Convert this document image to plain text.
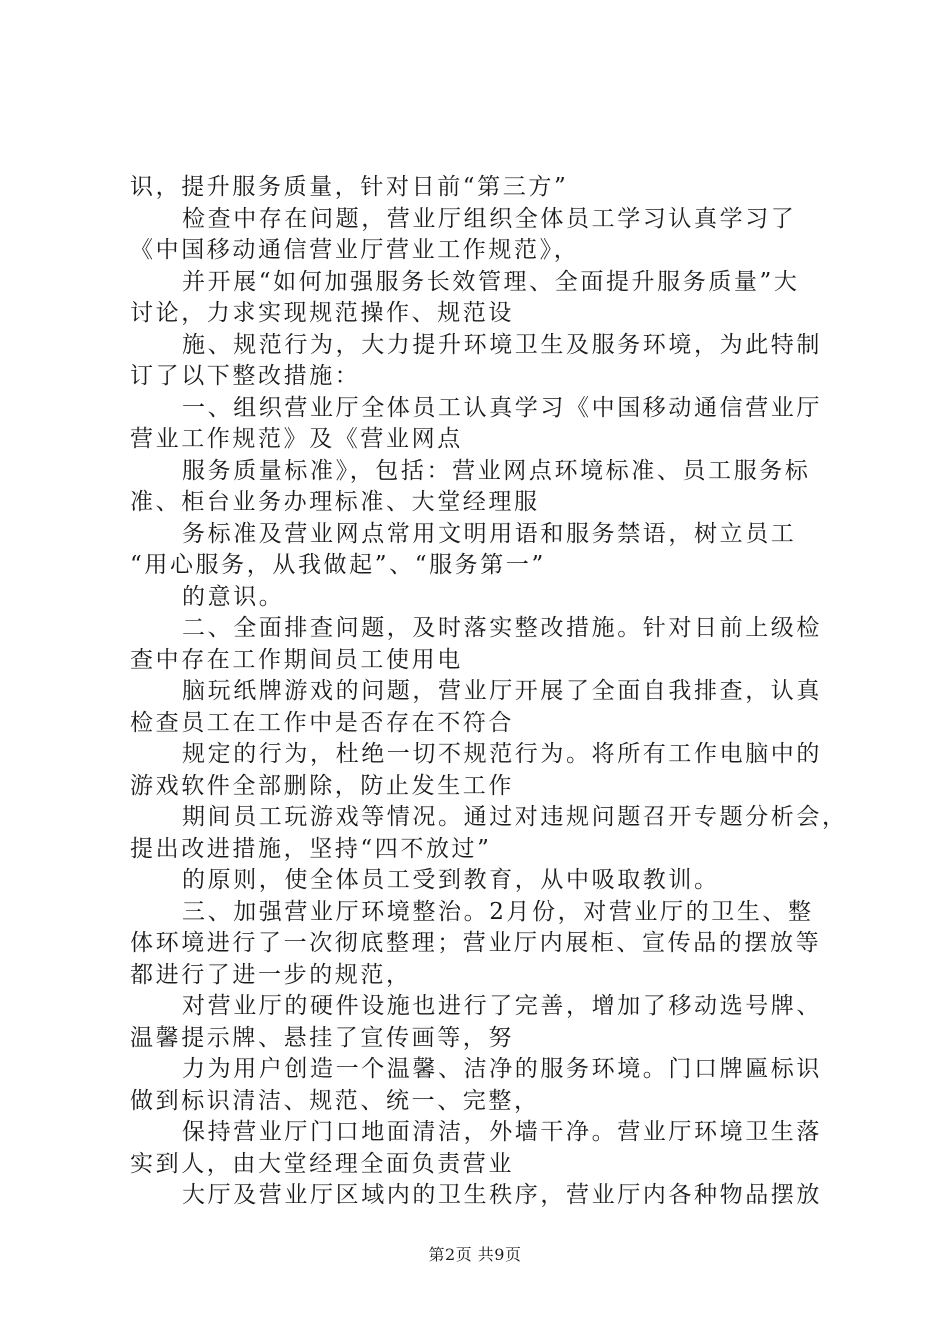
识，提升服务质量，针对日前“第三方”
检查中存在问题，营业厅组织全体员工学习认真学习了
《中国移动通信营业厅营业工作规范》，
并开展“如何加强服务长效管理、全面提升服务质量”大
讨论，力求实现规范操作、规范设
施、规范行为，大力提升环境卫生及服务环境，为此特制
订了以下整改措施：
一、组织营业厅全体员工认真学习《中国移动通信营业厅
营业工作规范》及《营业网点
服务质量标准》，包括：营业网点环境标准、员工服务标
准、柜台业务办理标准、大堂经理服
务标准及营业网点常用文明用语和服务禁语，树立员工
“用心服务，从我做起”、“服务第一”
的意识。
二、全面排查问题，及时落实整改措施。针对日前上级检
查中存在工作期间员工使用电
脑玩纸牌游戏的问题，营业厅开展了全面自我排查，认真
检查员工在工作中是否存在不符合
规定的行为，杜绝一切不规范行为。将所有工作电脑中的
游戏软件全部删除，防止发生工作
期间员工玩游戏等情况。通过对违规问题召开专题分析会，
提出改进措施，坚持“四不放过”
的原则，使全体员工受到教育，从中吸取教训。
三、加强营业厅环境整治。2月份，对营业厅的卫生、整
体环境进行了一次彻底整理；营业厅内展柜、宣传品的摆放等
都进行了进一步的规范，
对营业厅的硬件设施也进行了完善，增加了移动选号牌、
温馨提示牌、悬挂了宣传画等，努
力为用户创造一个温馨、洁净的服务环境。门口牌匾标识
做到标识清洁、规范、统一、完整，
保持营业厅门口地面清洁，外墙干净。营业厅环境卫生落
实到人，由大堂经理全面负责营业
大厅及营业厅区域内的卫生秩序，营业厅内各种物品摆放
第2页 共9页
